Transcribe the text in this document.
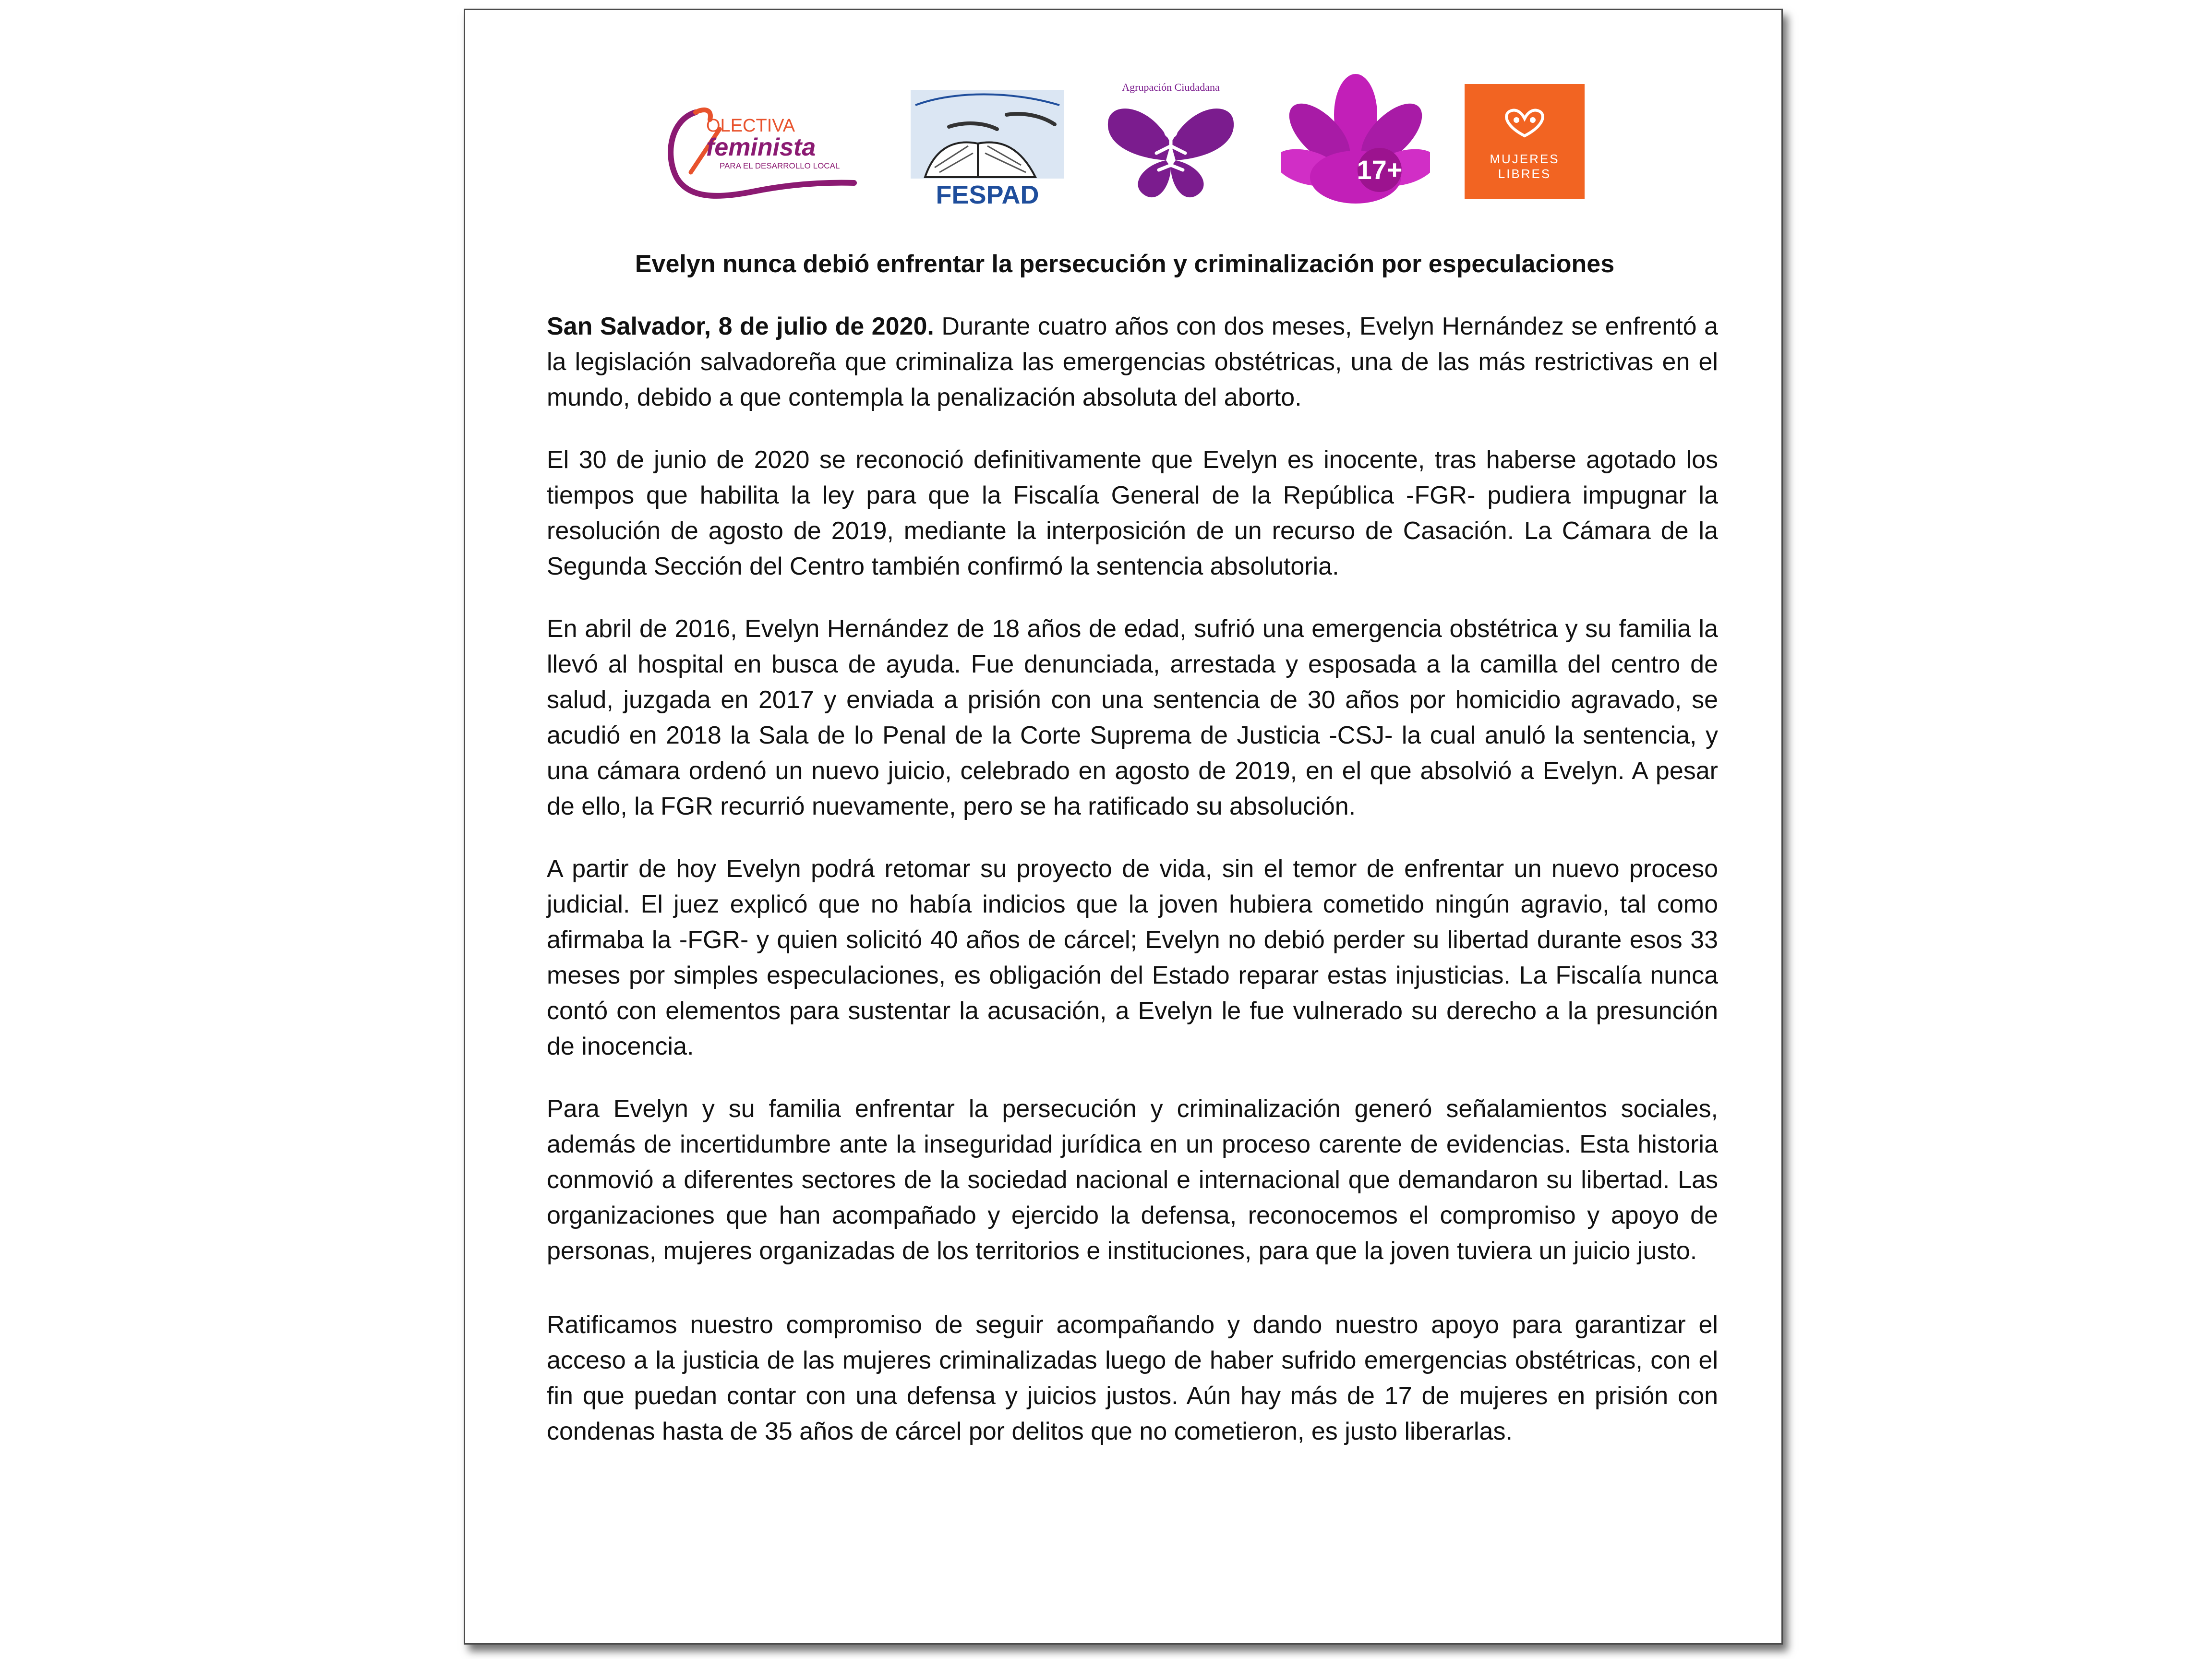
OLECTIVA
feminista
PARA EL DESARROLLO LOCAL
FESPAD
Agrupación Ciudadana
17+	MUJERES
LIBRES
Evelyn nunca debió enfrentar la persecución y criminalización por especulaciones

San Salvador, 8 de julio de 2020. Durante cuatro años con dos meses, Evelyn Hernández se enfrentó a la legislación salvadoreña que criminaliza las emergencias obstétricas, una de las más restrictivas en el mundo, debido a que contempla la penalización absoluta del aborto.

El 30 de junio de 2020 se reconoció definitivamente que Evelyn es inocente, tras haberse agotado los tiempos que habilita la ley para que la Fiscalía General de la República -FGR- pudiera impugnar la resolución de agosto de 2019, mediante la interposición de un recurso de Casación. La Cámara de la Segunda Sección del Centro también confirmó la sentencia absolutoria.

En abril de 2016, Evelyn Hernández de 18 años de edad, sufrió una emergencia obstétrica y su familia la llevó al hospital en busca de ayuda. Fue denunciada, arrestada y esposada a la camilla del centro de salud, juzgada en 2017 y enviada a prisión con una sentencia de 30 años por homicidio agravado, se acudió en 2018 la Sala de lo Penal de la Corte Suprema de Justicia -CSJ- la cual anuló la sentencia, y una cámara ordenó un nuevo juicio, celebrado en agosto de 2019, en el que absolvió a Evelyn. A pesar de ello, la FGR recurrió nuevamente, pero se ha ratificado su absolución.

A partir de hoy Evelyn podrá retomar su proyecto de vida, sin el temor de enfrentar un nuevo proceso judicial. El juez explicó que no había indicios que la joven hubiera cometido ningún agravio, tal como afirmaba la -FGR- y quien solicitó 40 años de cárcel; Evelyn no debió perder su libertad durante esos 33 meses por simples especulaciones, es obligación del Estado reparar estas injusticias. La Fiscalía nunca contó con elementos para sustentar la acusación, a Evelyn le fue vulnerado su derecho a la presunción de inocencia.

Para Evelyn y su familia enfrentar la persecución y criminalización generó señalamientos sociales, además de incertidumbre ante la inseguridad jurídica en un proceso carente de evidencias. Esta historia conmovió a diferentes sectores de la sociedad nacional e internacional que demandaron su libertad. Las organizaciones que han acompañado y ejercido la defensa, reconocemos el compromiso y apoyo de personas, mujeres organizadas de los territorios e instituciones, para que la joven tuviera un juicio justo.

Ratificamos nuestro compromiso de seguir acompañando y dando nuestro apoyo para garantizar el acceso a la justicia de las mujeres criminalizadas luego de haber sufrido emergencias obstétricas, con el fin que puedan contar con una defensa y juicios justos. Aún hay más de 17 de mujeres en prisión con condenas hasta de 35 años de cárcel por delitos que no cometieron, es justo liberarlas.
